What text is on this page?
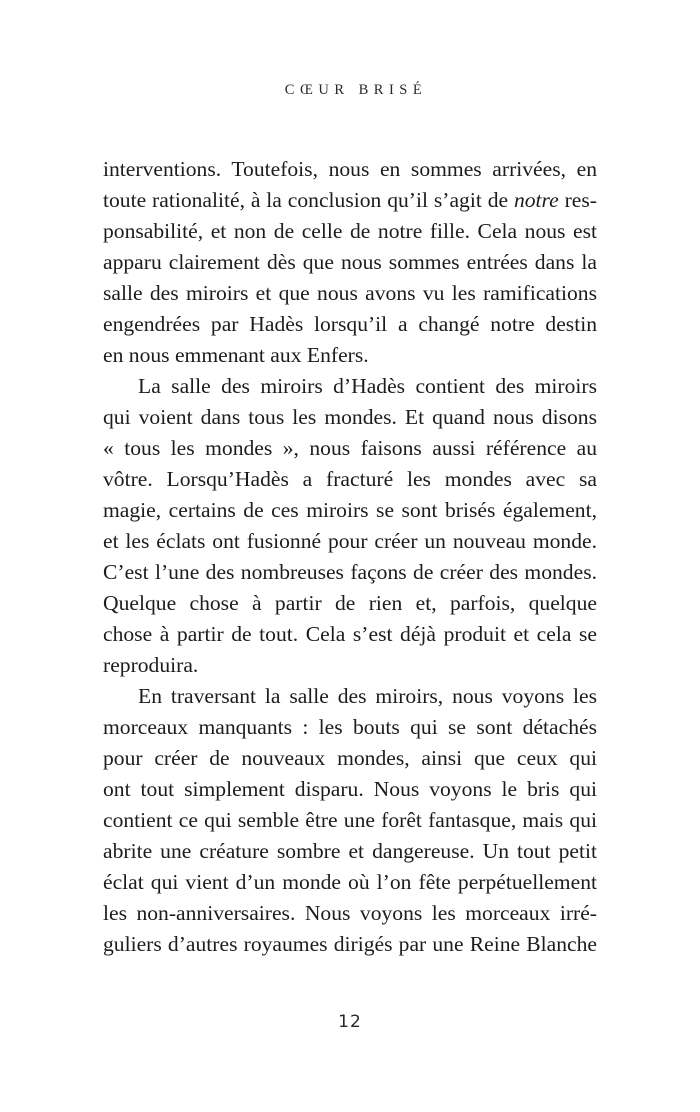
CŒUR BRISÉ
interventions. Toutefois, nous en sommes arrivées, en
toute rationalité, à la conclusion qu’il s’agit de notre res-
ponsabilité, et non de celle de notre fille. Cela nous est
apparu clairement dès que nous sommes entrées dans la
salle des miroirs et que nous avons vu les ramifications
engendrées par Hadès lorsqu’il a changé notre destin
en nous emmenant aux Enfers.
La salle des miroirs d’Hadès contient des miroirs
qui voient dans tous les mondes. Et quand nous disons
« tous les mondes », nous faisons aussi référence au
vôtre. Lorsqu’Hadès a fracturé les mondes avec sa
magie, certains de ces miroirs se sont brisés également,
et les éclats ont fusionné pour créer un nouveau monde.
C’est l’une des nombreuses façons de créer des mondes.
Quelque chose à partir de rien et, parfois, quelque
chose à partir de tout. Cela s’est déjà produit et cela se
reproduira.
En traversant la salle des miroirs, nous voyons les
morceaux manquants : les bouts qui se sont détachés
pour créer de nouveaux mondes, ainsi que ceux qui
ont tout simplement disparu. Nous voyons le bris qui
contient ce qui semble être une forêt fantasque, mais qui
abrite une créature sombre et dangereuse. Un tout petit
éclat qui vient d’un monde où l’on fête perpétuellement
les non-anniversaires. Nous voyons les morceaux irré-
guliers d’autres royaumes dirigés par une Reine Blanche
12
